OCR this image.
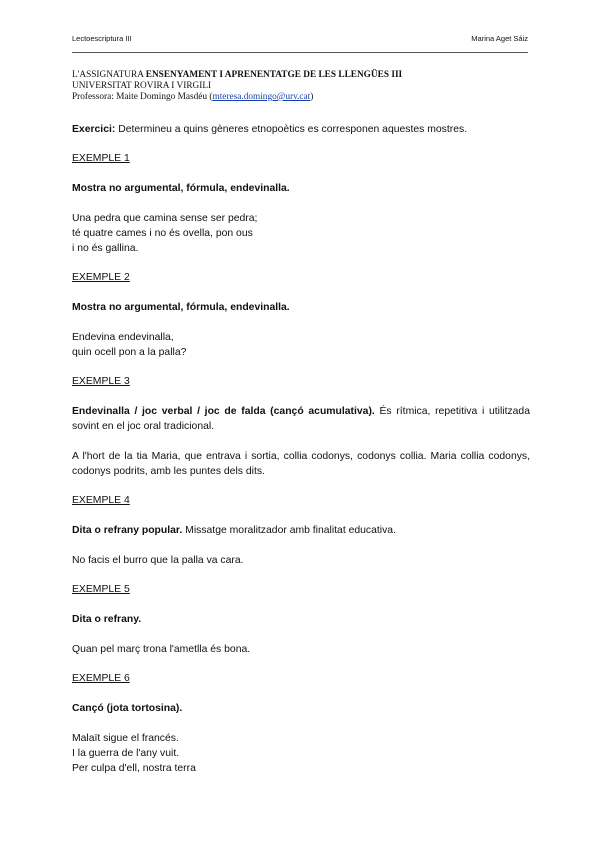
Lectoescriptura III	Marina Aget Sáiz
L'ASSIGNATURA ENSENYAMENT I APRENENTATGE DE LES LLENGÜES III
UNIVERSITAT ROVIRA I VIRGILI
Professora: Maite Domingo Masdéu (mteresa.domingo@urv.cat)

Exercici: Determineu a quins gèneres etnopoètics es corresponen aquestes mostres.

EXEMPLE 1

Mostra no argumental, fórmula, endevinalla.

Una pedra que camina sense ser pedra;

té quatre cames i no és ovella, pon ous

i no és gallina.

EXEMPLE 2

Mostra no argumental, fórmula, endevinalla.

Endevina endevinalla,

quin ocell pon a la palla?

EXEMPLE 3

Endevinalla / joc verbal / joc de falda (cançó acumulativa). És rítmica, repetitiva i utilitzada sovint en el joc oral tradicional.

A l'hort de la tia Maria, que entrava i sortia, collia codonys, codonys collia. Maria collia codonys, codonys podrits, amb les puntes dels dits.

EXEMPLE 4

Dita o refrany popular. Missatge moralitzador amb finalitat educativa.

No facis el burro que la palla va cara.

EXEMPLE 5

Dita o refrany.

Quan pel març trona l'ametlla és bona.

EXEMPLE 6

Cançó (jota tortosina).

Malaït sigue el francés.

I la guerra de l'any vuit.

Per culpa d'ell, nostra terra
